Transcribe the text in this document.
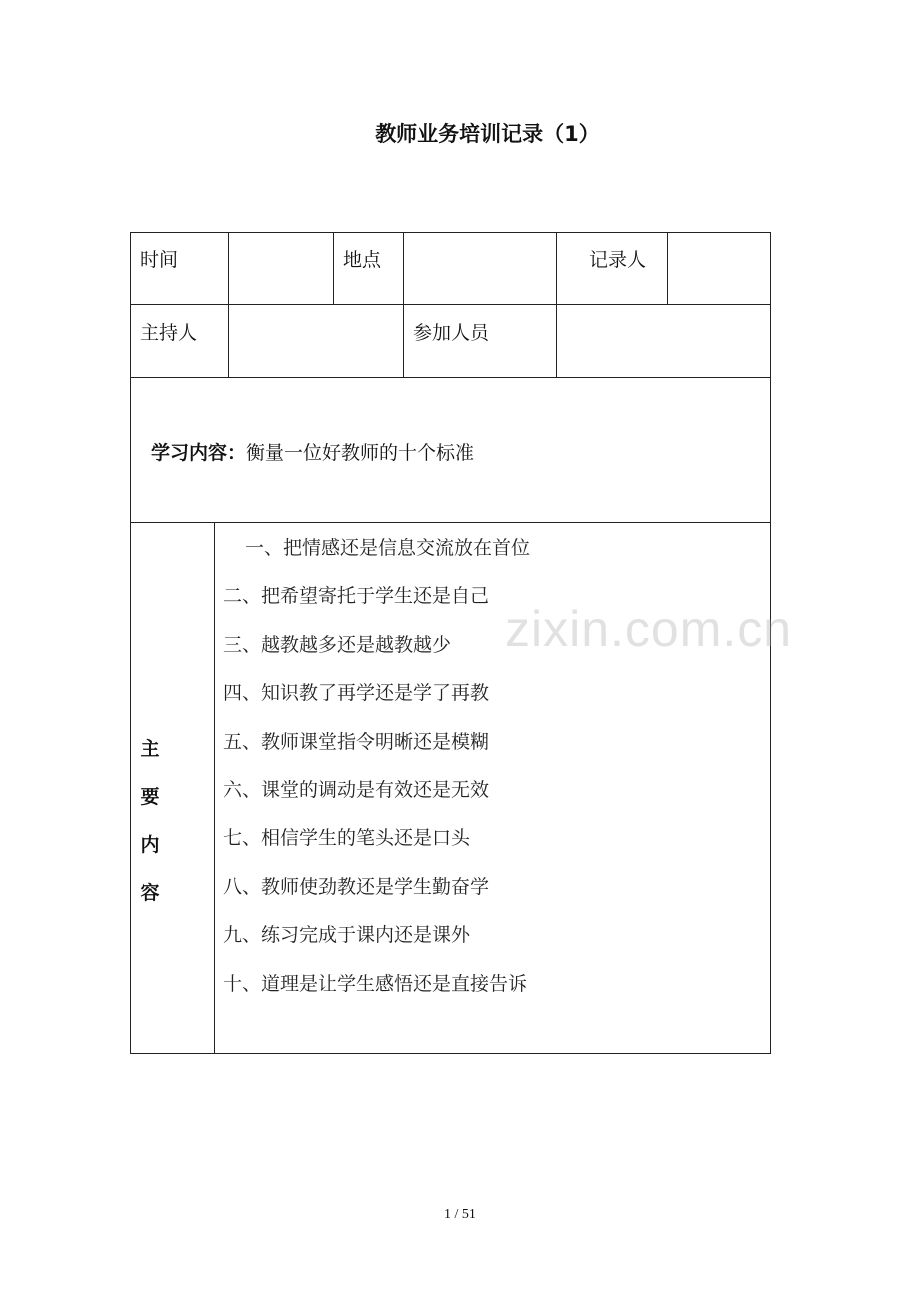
教师业务培训记录（1）
时间	地点	记录人
主持人	参加人员
学习内容：衡量一位好教师的十个标准
主
要
内
容
一、把情感还是信息交流放在首位
二、把希望寄托于学生还是自己
三、越教越多还是越教越少
四、知识教了再学还是学了再教
五、教师课堂指令明晰还是模糊
六、课堂的调动是有效还是无效
七、相信学生的笔头还是口头
八、教师使劲教还是学生勤奋学
九、练习完成于课内还是课外
十、道理是让学生感悟还是直接告诉
zixin.com.cn
1 / 51
